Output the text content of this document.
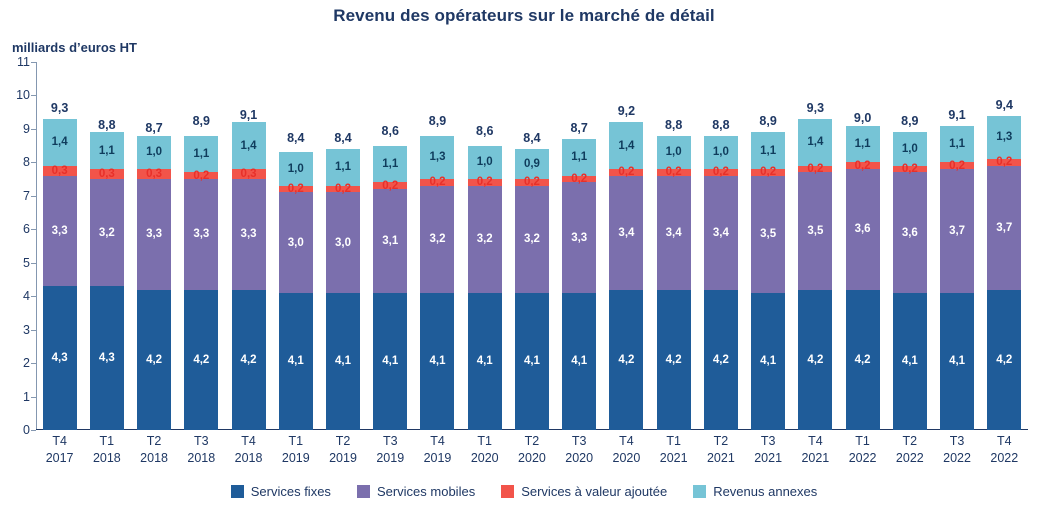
Revenu des opérateurs sur le marché de détail
milliards d’euros HT
0
1
2
3
4
5
6
7
8
9
10
11
9,3
1,4
0,3
3,3
4,3
8,8
1,1
0,3
3,2
4,3
8,7
1,0
0,3
3,3
4,2
8,9
1,1
0,2
3,3
4,2
9,1
1,4
0,3
3,3
4,2
8,4
1,0
0,2
3,0
4,1
8,4
1,1
0,2
3,0
4,1
8,6
1,1
0,2
3,1
4,1
8,9
1,3
0,2
3,2
4,1
8,6
1,0
0,2
3,2
4,1
8,4
0,9
0,2
3,2
4,1
8,7
1,1
0,2
3,3
4,1
9,2
1,4
0,2
3,4
4,2
8,8
1,0
0,2
3,4
4,2
8,8
1,0
0,2
3,4
4,2
8,9
1,1
0,2
3,5
4,1
9,3
1,4
0,2
3,5
4,2
9,0
1,1
0,2
3,6
4,2
8,9
1,0
0,2
3,6
4,1
9,1
1,1
0,2
3,7
4,1
9,4
1,3
0,2
3,7
4,2
T4
2017
T1
2018
T2
2018
T3
2018
T4
2018
T1
2019
T2
2019
T3
2019
T4
2019
T1
2020
T2
2020
T3
2020
T4
2020
T1
2021
T2
2021
T3
2021
T4
2021
T1
2022
T2
2022
T3
2022
T4
2022
Services fixes	Services mobiles	Services à valeur ajoutée	Revenus annexes
